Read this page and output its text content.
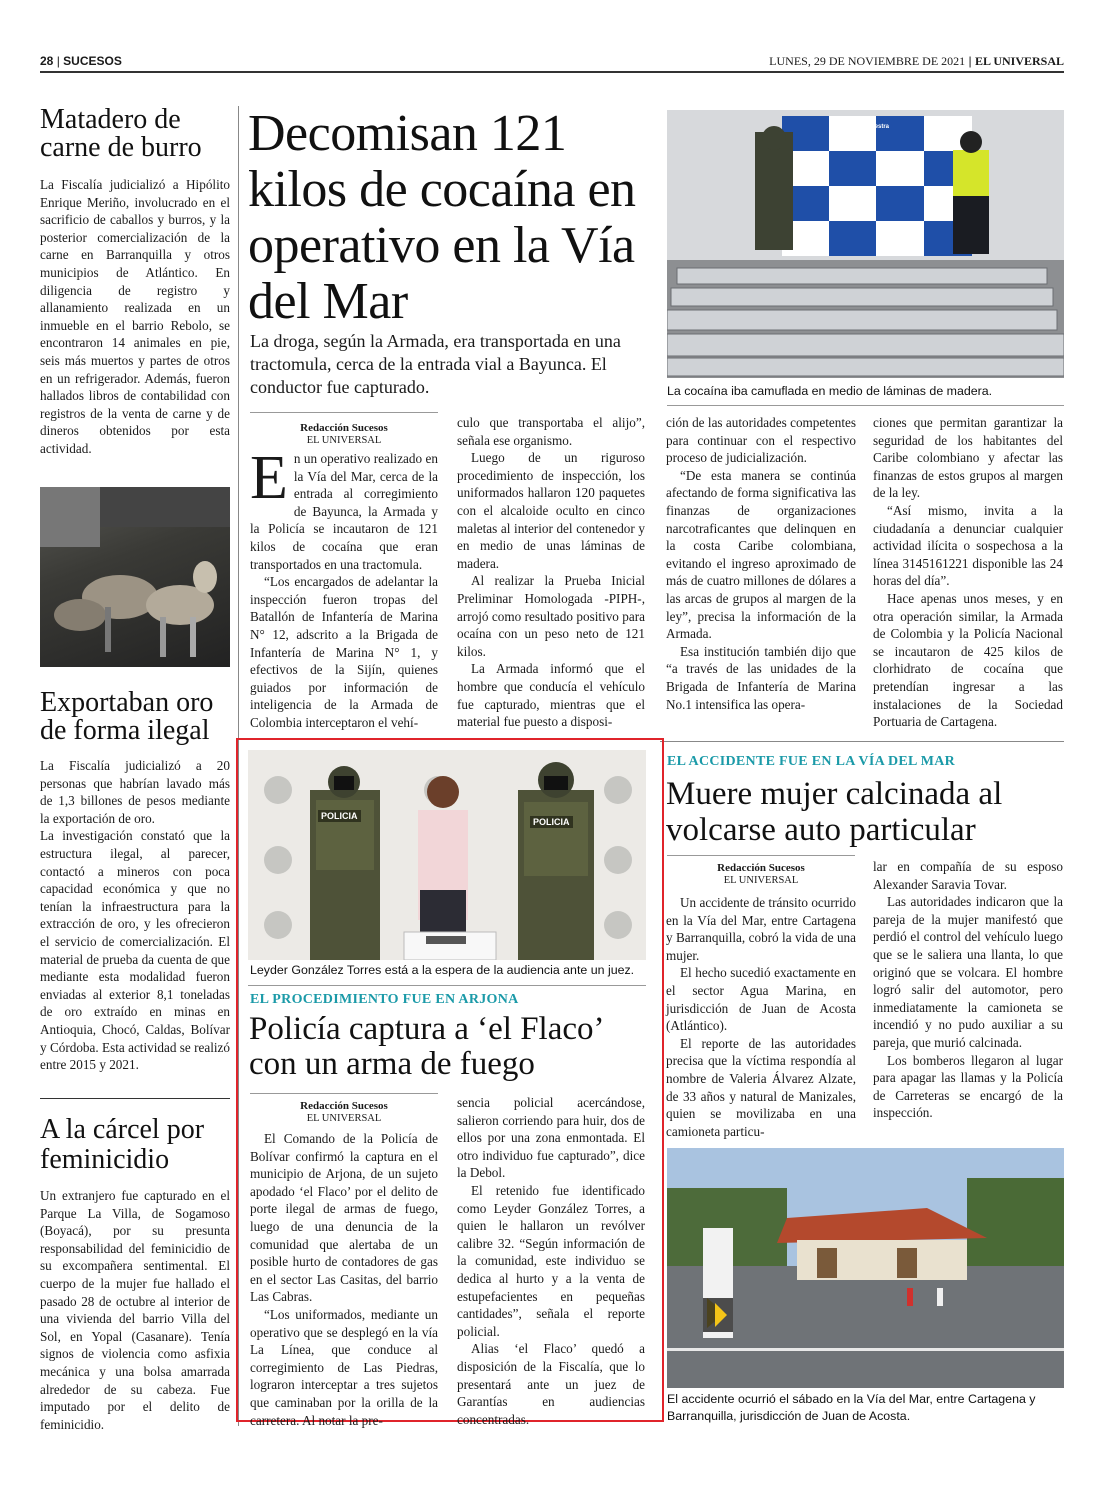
28 | SUCESOS	LUNES, 29 DE NOVIEMBRE DE 2021 | EL UNIVERSAL
Matadero de carne de burro

La Fiscalía judicializó a Hipólito Enrique Meriño, involucrado en el sacrificio de caballos y burros, y la posterior comercialización de la carne en Barranquilla y otros municipios de Atlántico. En diligencia de registro y allanamiento realizada en un inmueble en el barrio Rebolo, se encontraron 14 animales en pie, seis más muertos y partes de otros en un refrigerador. Además, fueron hallados libros de contabilidad con registros de la venta de carne y de dineros obtenidos por esta actividad.

Exportaban oro de forma ilegal

La Fiscalía judicializó a 20 personas que habrían lavado más de 1,3 billones de pesos mediante la exportación de oro.

La investigación constató que la estructura ilegal, al parecer, contactó a mineros con poca capacidad económica y que no tenían la infraestructura para la extracción de oro, y les ofrecieron el servicio de comercialización. El material de prueba da cuenta de que mediante esta modalidad fueron enviadas al exterior 8,1 toneladas de oro extraído en minas en Antioquia, Chocó, Caldas, Bolívar y Córdoba. Esta actividad se realizó entre 2015 y 2021.

A la cárcel por feminicidio

Un extranjero fue capturado en el Parque La Villa, de Sogamoso (Boyacá), por su presunta responsabilidad del feminicidio de su excompañera sentimental. El cuerpo de la mujer fue hallado el pasado 28 de octubre al interior de una vivienda del barrio Villa del Sol, en Yopal (Casanare). Tenía signos de violencia como asfixia mecánica y una bolsa amarrada alrededor de su cabeza. Fue imputado por el delito de feminicidio.

Decomisan 121 kilos de cocaína en operativo en la Vía del Mar
La droga, según la Armada, era transportada en una tractomula, cerca de la entrada vial a Bayunca. El conductor fue capturado.
Protegemos nuestra
bandera
La cocaína iba camuflada en medio de láminas de madera.
Redacción Sucesos
EL UNIVERSAL
E n un operativo realizado en la Vía del Mar, cerca de la entrada al corregimiento de Bayunca, la Armada y la Policía se incautaron de 121 kilos de cocaína que eran transportados en una tractomula.

“Los encargados de adelantar la inspección fueron tropas del Batallón de Infantería de Marina N° 12, adscrito a la Brigada de Infantería de Marina N° 1, y efectivos de la Sijín, quienes guiados por información de inteligencia de la Armada de Colombia interceptaron el vehí-

culo que transportaba el alijo”, señala ese organismo.

Luego de un riguroso procedimiento de inspección, los uniformados hallaron 120 paquetes con el alcaloide oculto en cinco maletas al interior del contenedor y en medio de unas láminas de madera.

Al realizar la Prueba Inicial Preliminar Homologada -PIPH-, arrojó como resultado positivo para ocaína con un peso neto de 121 kilos.

La Armada informó que el hombre que conducía el vehículo fue capturado, mientras que el material fue puesto a disposi-

ción de las autoridades competentes para continuar con el respectivo proceso de judicialización.

“De esta manera se continúa afectando de forma significativa las finanzas de organizaciones narcotraficantes que delinquen en la costa Caribe colombiana, evitando el ingreso aproximado de más de cuatro millones de dólares a las arcas de grupos al margen de la ley”, precisa la información de la Armada.

Esa institución también dijo que “a través de las unidades de la Brigada de Infantería de Marina No.1 intensifica las opera-

ciones que permitan garantizar la seguridad de los habitantes del Caribe colombiano y afectar las finanzas de estos grupos al margen de la ley.

“Así mismo, invita a la ciudadanía a denunciar cualquier actividad ilícita o sospechosa a la línea 3145161221 disponible las 24 horas del día”.

Hace apenas unos meses, y en otra operación similar, la Armada de Colombia y la Policía Nacional se incautaron de 425 kilos de clorhidrato de cocaína que pretendían ingresar a las instalaciones de la Sociedad Portuaria de Cartagena.

POLICIA
POLICIA
Leyder González Torres está a la espera de la audiencia ante un juez.
EL PROCEDIMIENTO FUE EN ARJONA
Policía captura a ‘el Flaco’ con un arma de fuego
Redacción Sucesos
EL UNIVERSAL

El Comando de la Policía de Bolívar confirmó la captura en el municipio de Arjona, de un sujeto apodado ‘el Flaco’ por el delito de porte ilegal de armas de fuego, luego de una denuncia de la comunidad que alertaba de un posible hurto de contadores de gas en el sector Las Casitas, del barrio Las Cabras.

“Los uniformados, mediante un operativo que se desplegó en la vía La Línea, que conduce al corregimiento de Las Piedras, lograron interceptar a tres sujetos que caminaban por la orilla de la carretera. Al notar la pre-

sencia policial acercándose, salieron corriendo para huir, dos de ellos por una zona enmontada. El otro individuo fue capturado”, dice la Debol.

El retenido fue identificado como Leyder González Torres, a quien le hallaron un revólver calibre 32. “Según información de la comunidad, este individuo se dedica al hurto y a la venta de estupefacientes en pequeñas cantidades”, señala el reporte policial.

Alias ‘el Flaco’ quedó a disposición de la Fiscalía, que lo presentará ante un juez de Garantías en audiencias concentradas.

EL ACCIDENTE FUE EN LA VÍA DEL MAR
Muere mujer calcinada al volcarse auto particular
Redacción Sucesos
EL UNIVERSAL

Un accidente de tránsito ocurrido en la Vía del Mar, entre Cartagena y Barranquilla, cobró la vida de una mujer.

El hecho sucedió exactamente en el sector Agua Marina, en jurisdicción de Juan de Acosta (Atlántico).

El reporte de las autoridades precisa que la víctima respondía al nombre de Valeria Álvarez Alzate, de 33 años y natural de Manizales, quien se movilizaba en una camioneta particu-

lar en compañía de su esposo Alexander Saravia Tovar.

Las autoridades indicaron que la pareja de la mujer manifestó que perdió el control del vehículo luego que se le saliera una llanta, lo que originó que se volcara. El hombre logró salir del automotor, pero inmediatamente la camioneta se incendió y no pudo auxiliar a su pareja, que murió calcinada.

Los bomberos llegaron al lugar para apagar las llamas y la Policía de Carreteras se encargó de la inspección.

El accidente ocurrió el sábado en la Vía del Mar, entre Cartagena y Barranquilla, jurisdicción de Juan de Acosta.
